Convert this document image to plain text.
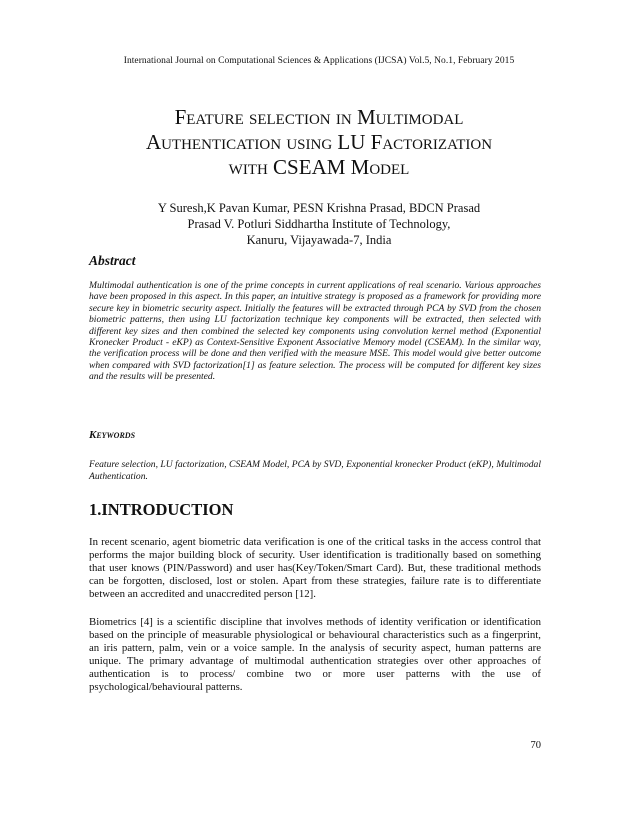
International Journal on Computational Sciences & Applications (IJCSA) Vol.5, No.1, February 2015
Feature selection in Multimodal
Authentication using LU Factorization
with CSEAM Model
Y Suresh,K Pavan Kumar, PESN Krishna Prasad, BDCN Prasad
Prasad V. Potluri Siddhartha Institute of Technology,
Kanuru, Vijayawada-7, India
Abstract

Multimodal authentication is one of the prime concepts in current applications of real scenario. Various approaches have been proposed in this aspect. In this paper, an intuitive strategy is proposed as a framework for providing more secure key in biometric security aspect. Initially the features will be extracted through PCA by SVD from the chosen biometric patterns, then using LU factorization technique key components will be extracted, then selected with different key sizes and then combined the selected key components using convolution kernel method (Exponential Kronecker Product - eKP) as Context-Sensitive Exponent Associative Memory model (CSEAM). In the similar way, the verification process will be done and then verified with the measure MSE. This model would give better outcome when compared with SVD factorization[1] as feature selection. The process will be computed for different key sizes and the results will be presented.

Keywords

Feature selection, LU factorization, CSEAM Model, PCA by SVD, Exponential kronecker Product (eKP), Multimodal Authentication.

1.INTRODUCTION

In recent scenario, agent biometric data verification is one of the critical tasks in the access control that performs the major building block of security. User identification is traditionally based on something that user knows (PIN/Password) and user has(Key/Token/Smart Card). But, these traditional methods can be forgotten, disclosed, lost or stolen. Apart from these strategies, failure rate is to differentiate between an accredited and unaccredited person [12].

Biometrics [4] is a scientific discipline that involves methods of identity verification or identification based on the principle of measurable physiological or behavioural characteristics such as a fingerprint, an iris pattern, palm, vein or a voice sample. In the analysis of security aspect, human patterns are unique. The primary advantage of multimodal authentication strategies over other approaches of authentication is to process/ combine two or more user patterns with the use of psychological/behavioural patterns.

70
